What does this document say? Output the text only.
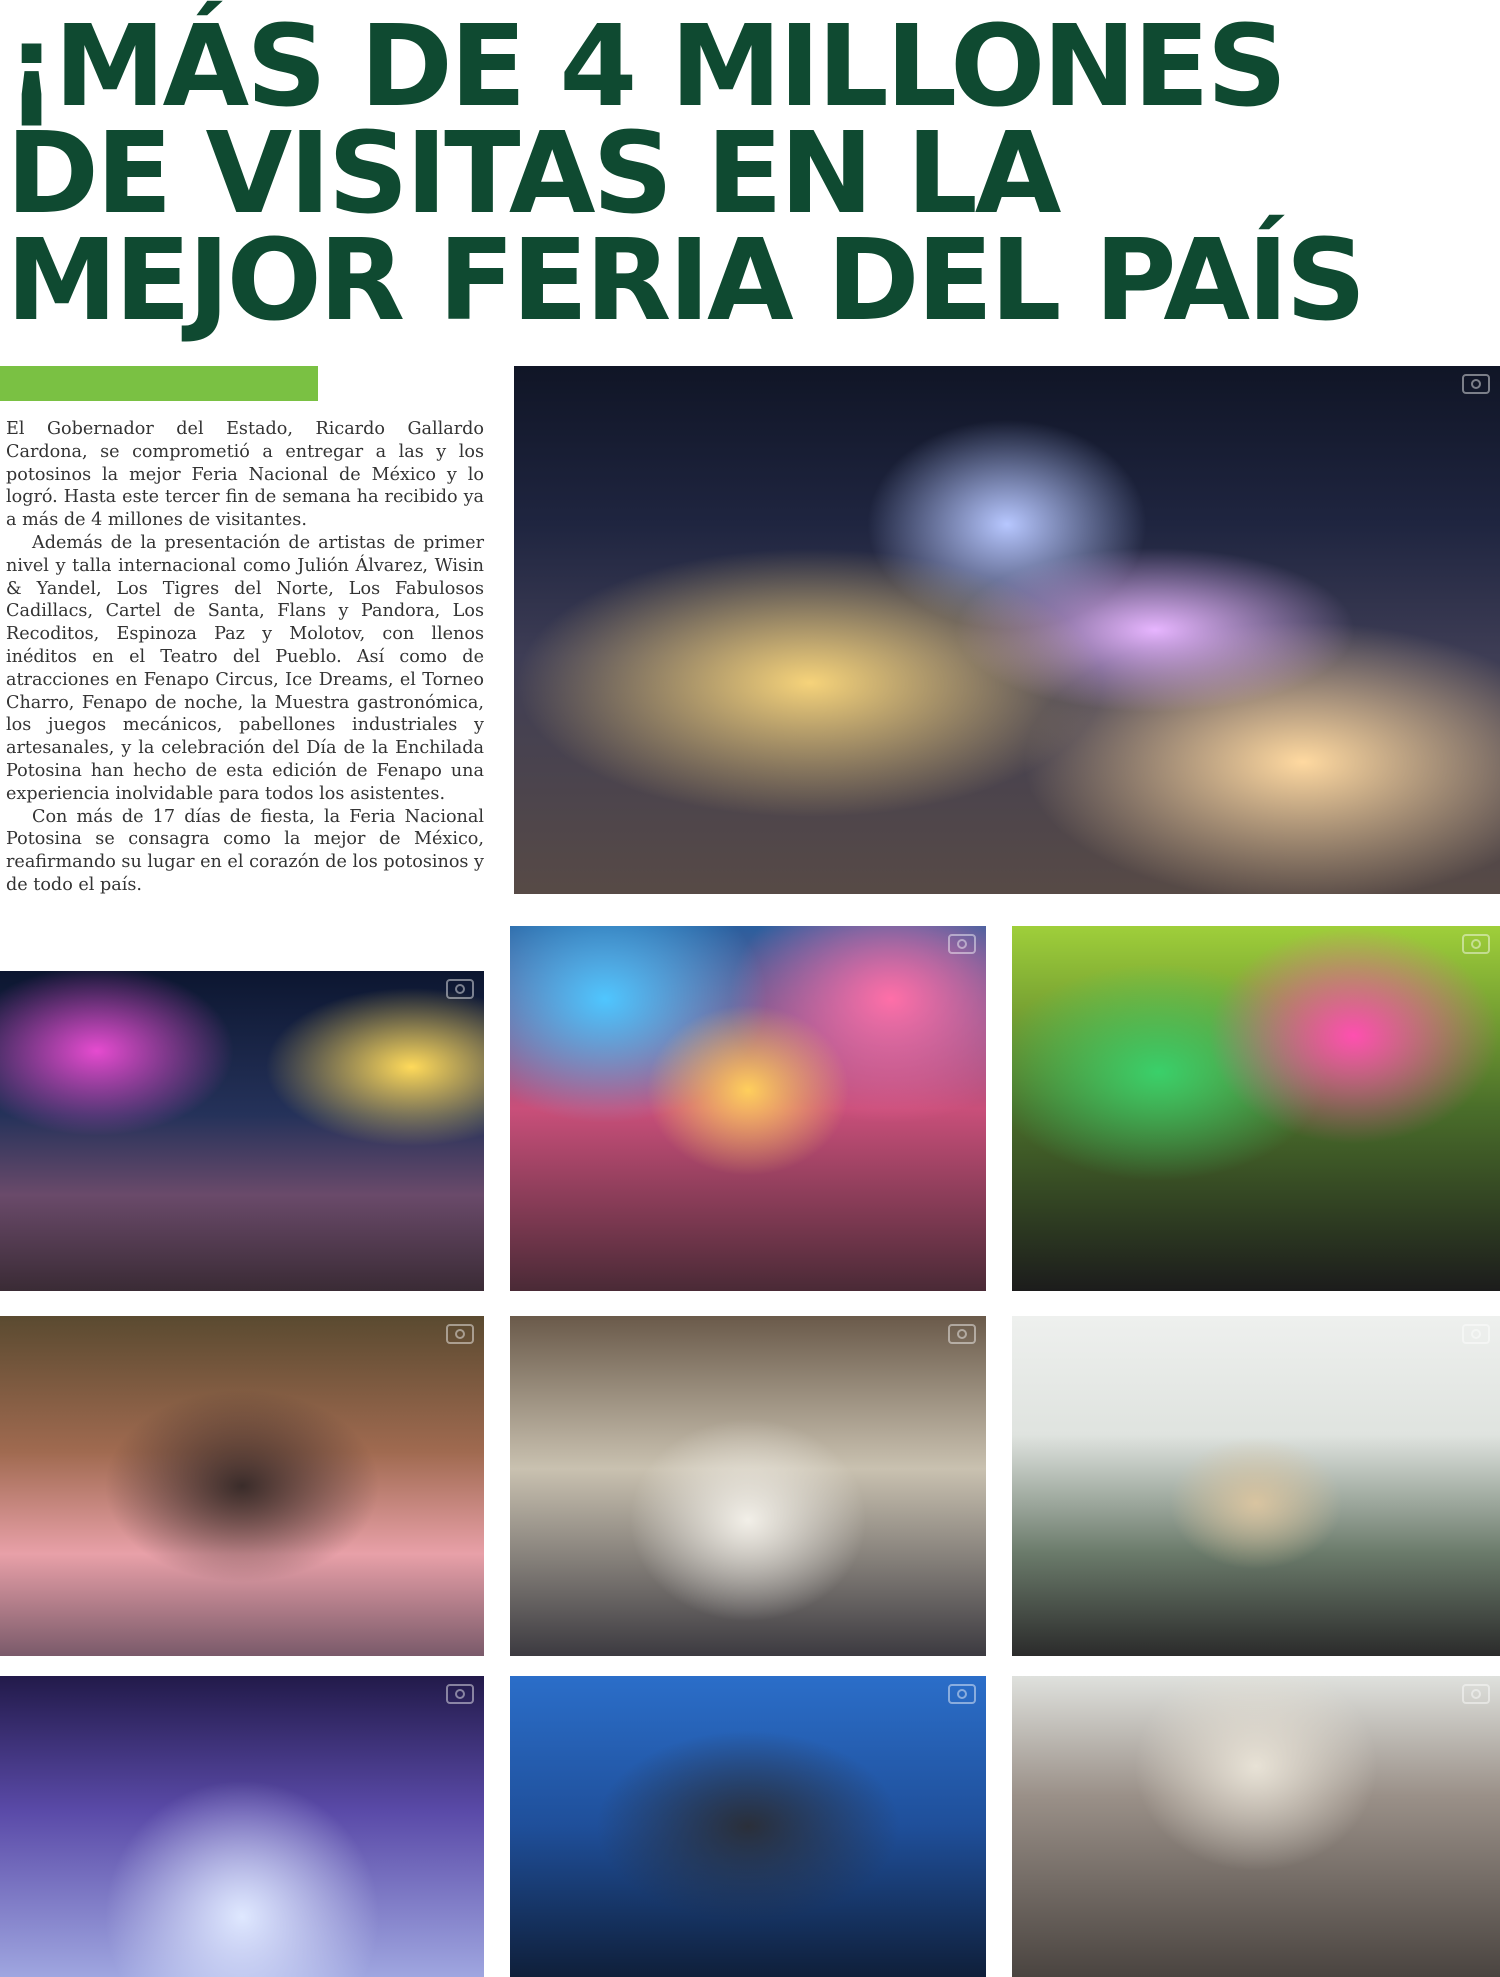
¡MÁS DE 4 MILLONES
DE VISITAS EN LA
MEJOR FERIA DEL PAÍS

El Gobernador del Estado, Ricardo Gallardo Cardona, se comprometió a entregar a las y los potosinos la mejor Feria Nacional de México y lo logró. Hasta este tercer fin de semana ha recibido ya a más de 4 millones de visitantes.

Además de la presentación de artistas de primer nivel y talla internacional como Julión Álvarez, Wisin & Yandel, Los Tigres del Norte, Los Fabulosos Cadillacs, Cartel de Santa, Flans y Pandora, Los Recoditos, Espinoza Paz y Molotov, con llenos inéditos en el Teatro del Pueblo. Así como de atracciones en Fenapo Circus, Ice Dreams, el Torneo Charro, Fenapo de noche, la Muestra gastronómica, los juegos mecánicos, pabellones industriales y artesanales, y la celebración del Día de la Enchilada Potosina han hecho de esta edición de Fenapo una experiencia inolvidable para todos los asistentes.

Con más de 17 días de fiesta, la Feria Nacional Potosina se consagra como la mejor de México, reafirmando su lugar en el corazón de los potosinos y de todo el país.
